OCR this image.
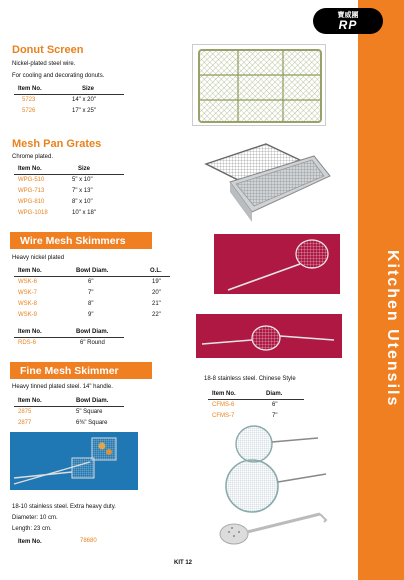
Kitchen Utensils
寶威團
RP
Donut Screen
Nickel-plated steel wire.
For cooling and decorating donuts.
Item No.	Size
5723	14" x 20"
5726	17" x 25"
Mesh Pan Grates
Chrome plated.
Item No.	Size
WPG-510	5" x 10"
WPG-713	7" x 13"
WPG-810	8" x 10"
WPG-1018	10" x 18"
Wire Mesh Skimmers
Heavy nickel plated
Item No.	Bowl Diam.	O.L.
WSK-6	6"	19"
WSK-7	7"	20"
WSK-8	8"	21"
WSK-9	9"	22"
Item No.	Bowl Diam.
RDS-6	6" Round
Fine Mesh Skimmer
Heavy tinned plated steel. 14" handle.
Item No.	Bowl Diam.
2875	5" Square
2877	6⅜" Square
18-8 stainless steel. Chinese Style
Item No.	Diam.
CFMS-6	6"
CFMS-7	7"
18-10 stainless steel. Extra heavy duty.
Diameter: 10 cm.
Length: 23 cm.
Item No.	78680
KIT 12
